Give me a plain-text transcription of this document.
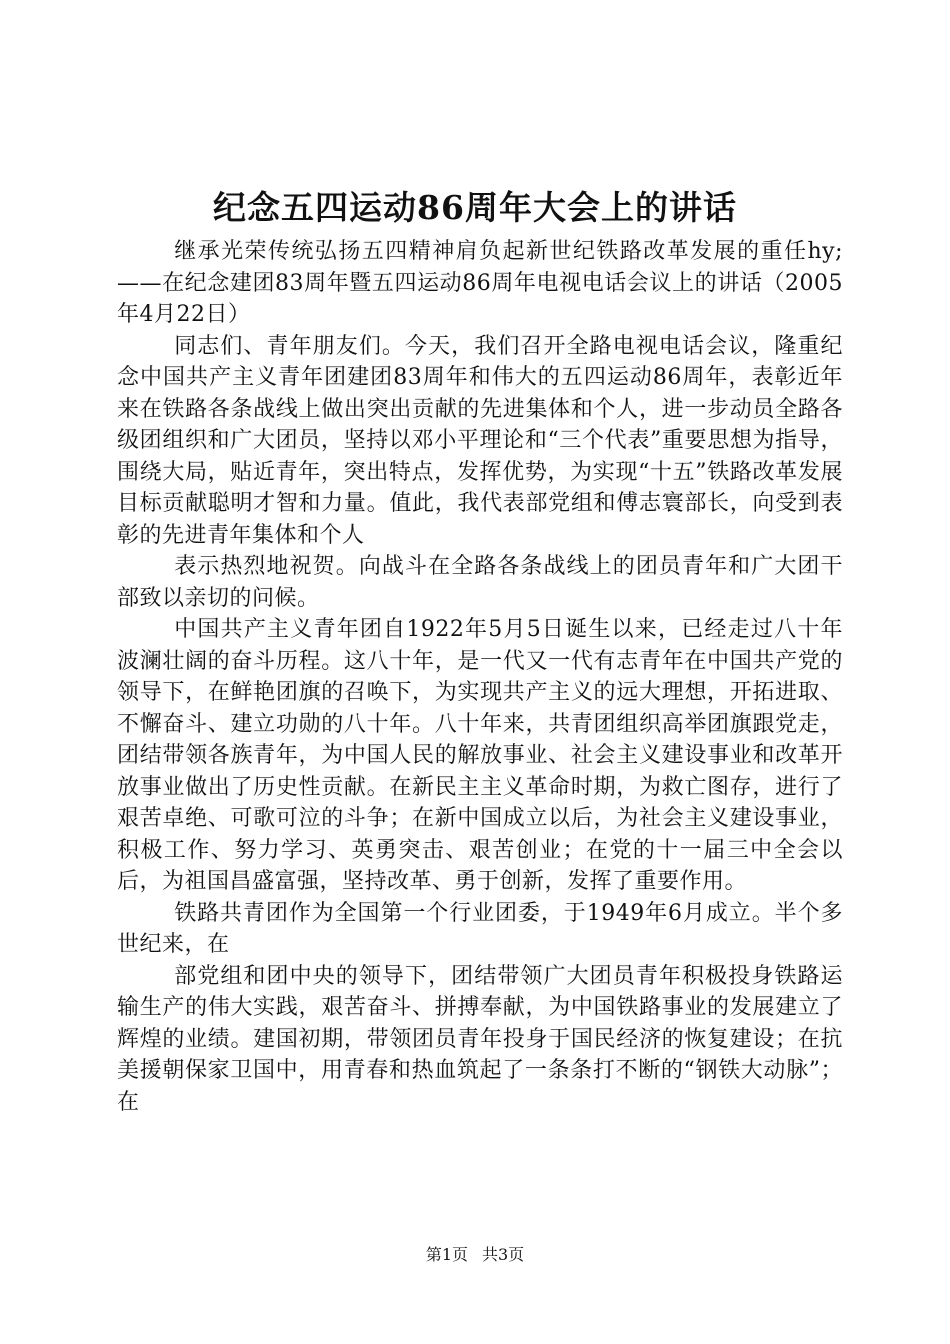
纪念五四运动86周年大会上的讲话

继承光荣传统弘扬五四精神肩负起新世纪铁路改革发展的重任hy;——在纪念建团83周年暨五四运动86周年电视电话会议上的讲话（2005年4月22日）

同志们、青年朋友们。今天，我们召开全路电视电话会议，隆重纪念中国共产主义青年团建团83周年和伟大的五四运动86周年，表彰近年来在铁路各条战线上做出突出贡献的先进集体和个人，进一步动员全路各级团组织和广大团员，坚持以邓小平理论和“三个代表”重要思想为指导，围绕大局，贴近青年，突出特点，发挥优势，为实现“十五”铁路改革发展目标贡献聪明才智和力量。值此，我代表部党组和傅志寰部长，向受到表彰的先进青年集体和个人

表示热烈地祝贺。向战斗在全路各条战线上的团员青年和广大团干部致以亲切的问候。

中国共产主义青年团自1922年5月5日诞生以来，已经走过八十年波澜壮阔的奋斗历程。这八十年，是一代又一代有志青年在中国共产党的领导下，在鲜艳团旗的召唤下，为实现共产主义的远大理想，开拓进取、不懈奋斗、建立功勋的八十年。八十年来，共青团组织高举团旗跟党走，团结带领各族青年，为中国人民的解放事业、社会主义建设事业和改革开放事业做出了历史性贡献。在新民主主义革命时期，为救亡图存，进行了艰苦卓绝、可歌可泣的斗争；在新中国成立以后，为社会主义建设事业，积极工作、努力学习、英勇突击、艰苦创业；在党的十一届三中全会以后，为祖国昌盛富强，坚持改革、勇于创新，发挥了重要作用。

铁路共青团作为全国第一个行业团委，于1949年6月成立。半个多世纪来，在

部党组和团中央的领导下，团结带领广大团员青年积极投身铁路运输生产的伟大实践，艰苦奋斗、拼搏奉献，为中国铁路事业的发展建立了辉煌的业绩。建国初期，带领团员青年投身于国民经济的恢复建设；在抗美援朝保家卫国中，用青春和热血筑起了一条条打不断的“钢铁大动脉”；在

第1页 共3页
